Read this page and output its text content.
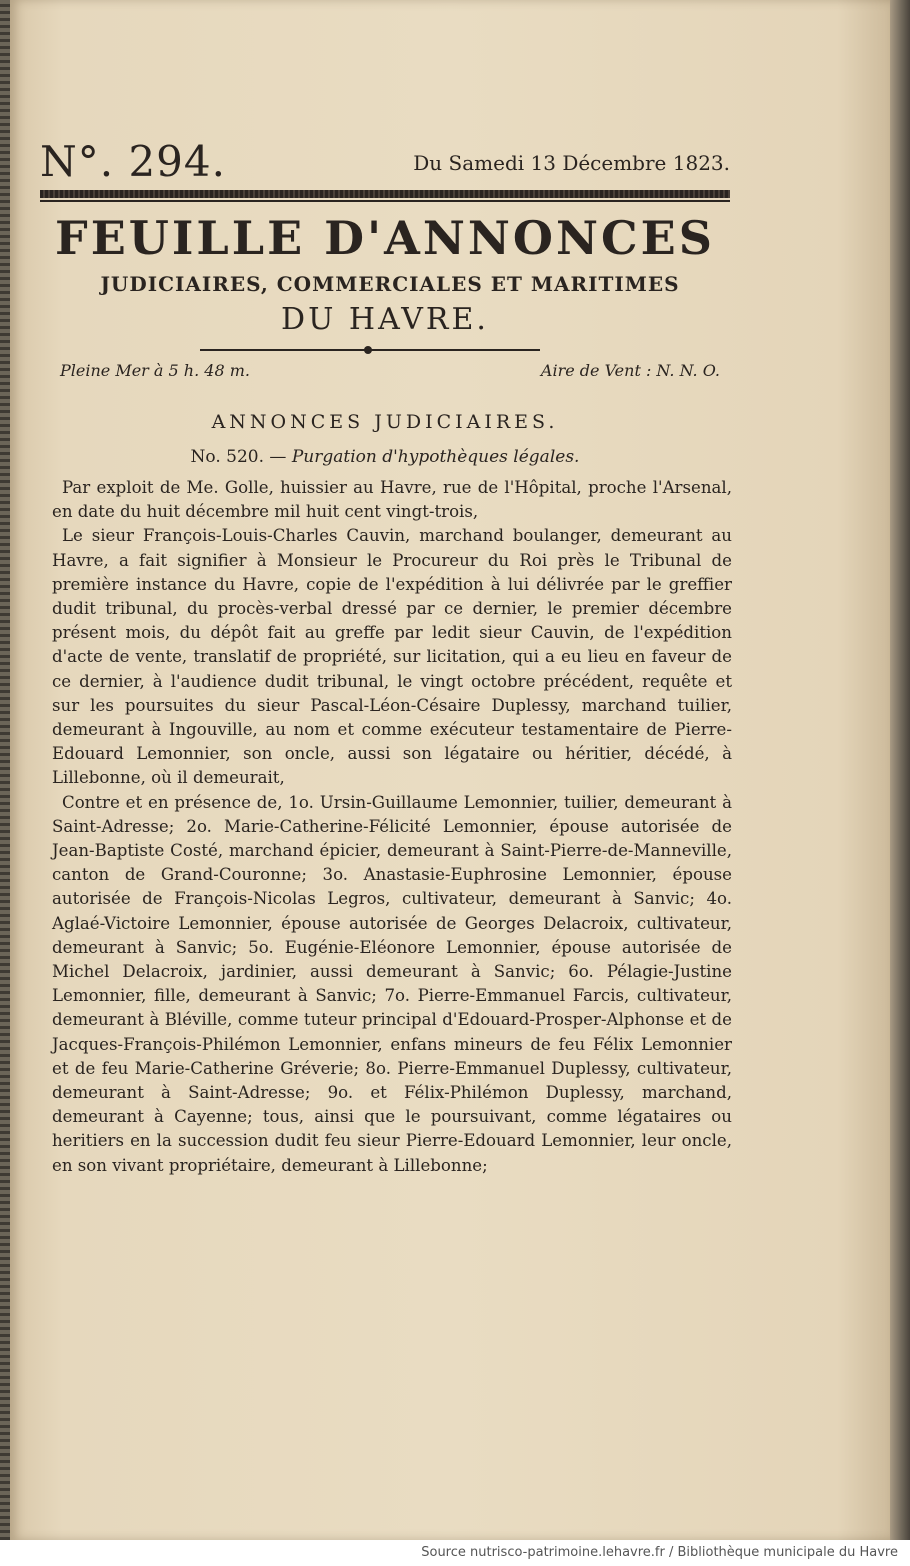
N°. 294.	Du Samedi 13 Décembre 1823.
FEUILLE D'ANNONCES
JUDICIAIRES, COMMERCIALES ET MARITIMES
DU HAVRE.
Pleine Mer à 5 h. 48 m.	Aire de Vent : N. N. O.
ANNONCES JUDICIAIRES.
No. 520. — Purgation d'hypothèques légales.

Par exploit de Me. Golle, huissier au Havre, rue de l'Hôpital, proche l'Arsenal, en date du huit décembre mil huit cent vingt-trois,

Le sieur François-Louis-Charles Cauvin, marchand boulanger, demeurant au Havre, a fait signifier à Monsieur le Procureur du Roi près le Tribunal de première instance du Havre, copie de l'expédition à lui délivrée par le greffier dudit tribunal, du procès-verbal dressé par ce dernier, le premier décembre présent mois, du dépôt fait au greffe par ledit sieur Cauvin, de l'expédition d'acte de vente, translatif de propriété, sur licitation, qui a eu lieu en faveur de ce dernier, à l'audience dudit tribunal, le vingt octobre précédent, requête et sur les poursuites du sieur Pascal-Léon-Césaire Duplessy, marchand tuilier, demeurant à Ingouville, au nom et comme exécuteur testamentaire de Pierre-Edouard Lemonnier, son oncle, aussi son légataire ou héritier, décédé, à Lillebonne, où il demeurait,

Contre et en présence de, 1o. Ursin-Guillaume Lemonnier, tuilier, demeurant à Saint-Adresse; 2o. Marie-Catherine-Félicité Lemonnier, épouse autorisée de Jean-Baptiste Costé, marchand épicier, demeurant à Saint-Pierre-de-Manneville, canton de Grand-Couronne; 3o. Anastasie-Euphrosine Lemonnier, épouse autorisée de François-Nicolas Legros, cultivateur, demeurant à Sanvic; 4o. Aglaé-Victoire Lemonnier, épouse autorisée de Georges Delacroix, cultivateur, demeurant à Sanvic; 5o. Eugénie-Eléonore Lemonnier, épouse autorisée de Michel Delacroix, jardinier, aussi demeurant à Sanvic; 6o. Pélagie-Justine Lemonnier, fille, demeurant à Sanvic; 7o. Pierre-Emmanuel Farcis, cultivateur, demeurant à Bléville, comme tuteur principal d'Edouard-Prosper-Alphonse et de Jacques-François-Philémon Lemonnier, enfans mineurs de feu Félix Lemonnier et de feu Marie-Catherine Gréverie; 8o. Pierre-Emmanuel Duplessy, cultivateur, demeurant à Saint-Adresse; 9o. et Félix-Philémon Duplessy, marchand, demeurant à Cayenne; tous, ainsi que le poursuivant, comme légataires ou heritiers en la succession dudit feu sieur Pierre-Edouard Lemonnier, leur oncle, en son vivant propriétaire, demeurant à Lillebonne;

Source nutrisco-patrimoine.lehavre.fr / Bibliothèque municipale du Havre
